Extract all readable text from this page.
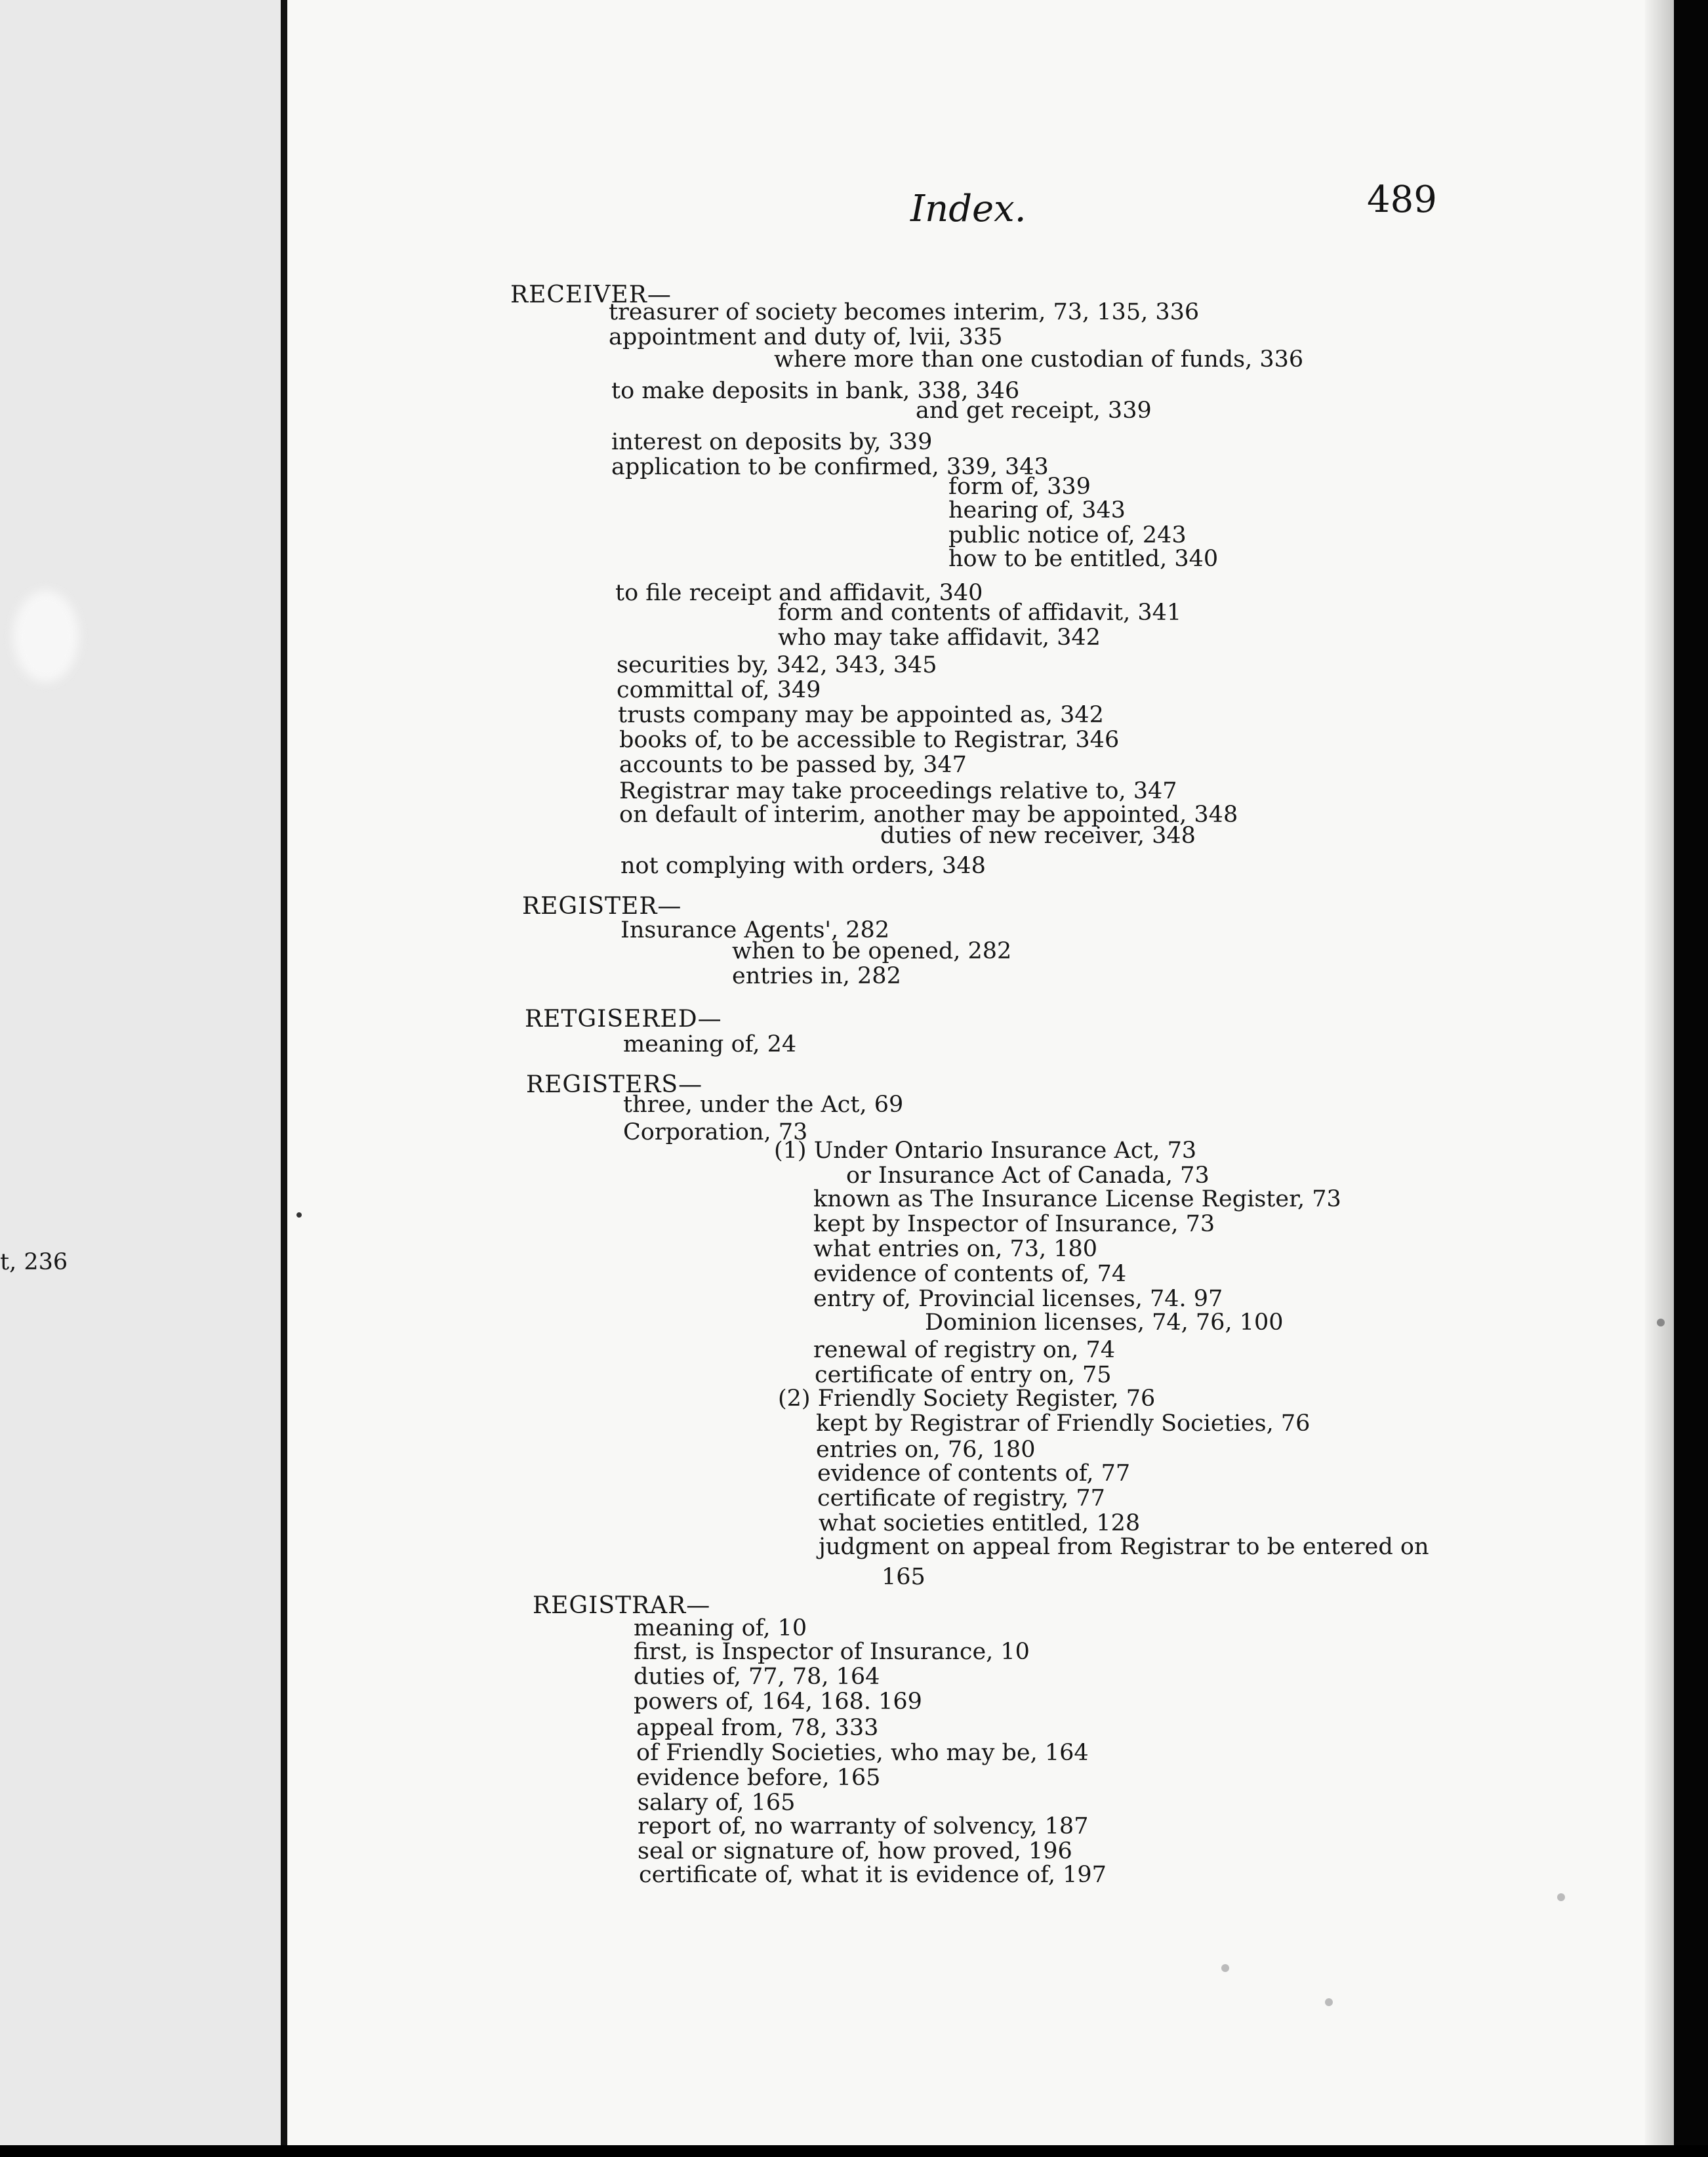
t, 236
Index.	489
RECEIVER—
treasurer of society becomes interim, 73, 135, 336
appointment and duty of, lvii, 335
where more than one custodian of funds, 336
to make deposits in bank, 338, 346
and get receipt, 339
interest on deposits by, 339
application to be confirmed, 339, 343
form of, 339
hearing of, 343
public notice of, 243
how to be entitled, 340
to file receipt and affidavit, 340
form and contents of affidavit, 341
who may take affidavit, 342
securities by, 342, 343, 345
committal of, 349
trusts company may be appointed as, 342
books of, to be accessible to Registrar, 346
accounts to be passed by, 347
Registrar may take proceedings relative to, 347
on default of interim, another may be appointed, 348
duties of new receiver, 348
not complying with orders, 348
REGISTER—
Insurance Agents', 282
when to be opened, 282
entries in, 282
RETGISERED—
meaning of, 24
REGISTERS—
three, under the Act, 69
Corporation, 73
(1) Under Ontario Insurance Act, 73
or Insurance Act of Canada, 73
known as The Insurance License Register, 73
kept by Inspector of Insurance, 73
what entries on, 73, 180
evidence of contents of, 74
entry of, Provincial licenses, 74. 97
Dominion licenses, 74, 76, 100
renewal of registry on, 74
certificate of entry on, 75
(2) Friendly Society Register, 76
kept by Registrar of Friendly Societies, 76
entries on, 76, 180
evidence of contents of, 77
certificate of registry, 77
what societies entitled, 128
judgment on appeal from Registrar to be entered on
165
REGISTRAR—
meaning of, 10
first, is Inspector of Insurance, 10
duties of, 77, 78, 164
powers of, 164, 168. 169
appeal from, 78, 333
of Friendly Societies, who may be, 164
evidence before, 165
salary of, 165
report of, no warranty of solvency, 187
seal or signature of, how proved, 196
certificate of, what it is evidence of, 197
